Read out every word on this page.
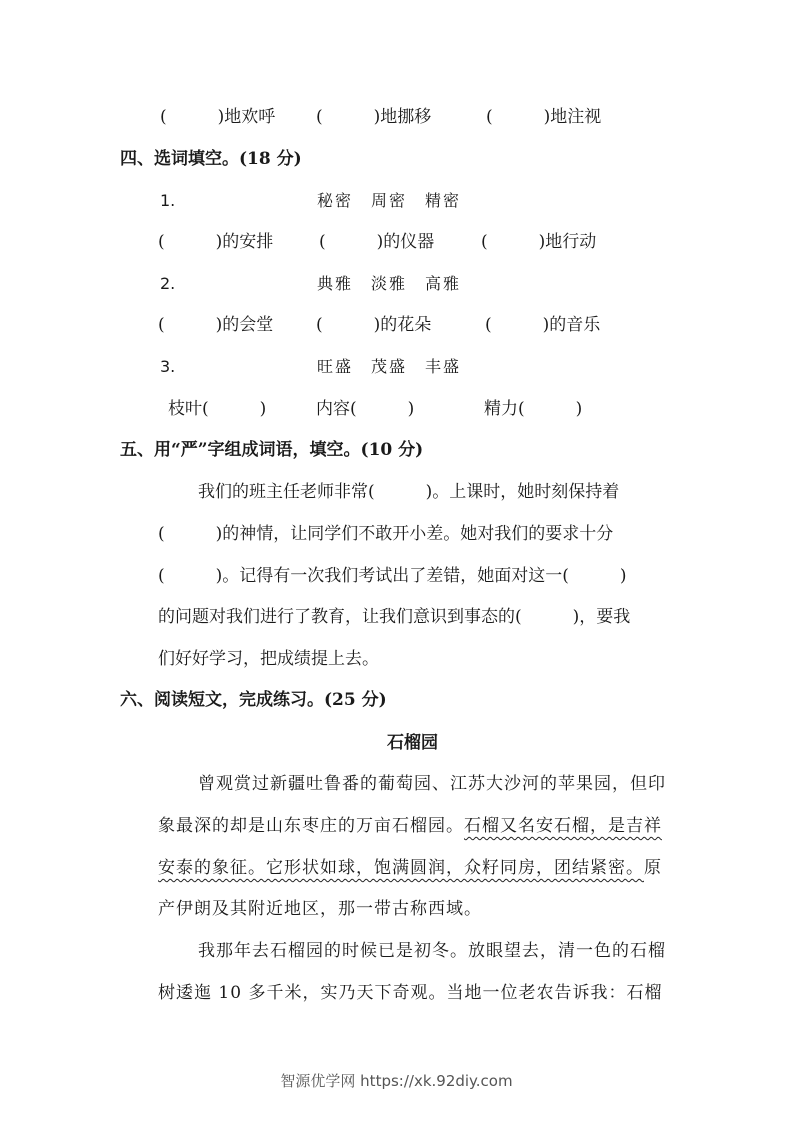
(　　　)地欢呼 (　　　)地挪移	(　　　)地注视
四、选词填空。(18 分)
1.	秘密　周密　精密
(　　　)的安排	(　　　)的仪器	(　　　)地行动
2.	典雅　淡雅　高雅
(　　　)的会堂	(　　　)的花朵	(　　　)的音乐
3.	旺盛　茂盛　丰盛
枝叶(　　　)	内容(　　　)	精力(　　　)
五、用“严”字组成词语，填空。(10 分)
我们的班主任老师非常(　　　)。上课时，她时刻保持着
(　　　)的神情，让同学们不敢开小差。她对我们的要求十分
(　　　)。记得有一次我们考试出了差错，她面对这一(　　　)
的问题对我们进行了教育，让我们意识到事态的(　　　)，要我
们好好学习，把成绩提上去。
六、阅读短文，完成练习。(25 分)
石榴园
曾观赏过新疆吐鲁番的葡萄园、江苏大沙河的苹果园，但印
象最深的却是山东枣庄的万亩石榴园。石榴又名安石榴，是吉祥
安泰的象征。它形状如球，饱满圆润，众籽同房，团结紧密。原
产伊朗及其附近地区，那一带古称西域。
我那年去石榴园的时候已是初冬。放眼望去，清一色的石榴
树逶迤 10 多千米，实乃天下奇观。当地一位老农告诉我：石榴
智源优学网 https://xk.92diy.com
